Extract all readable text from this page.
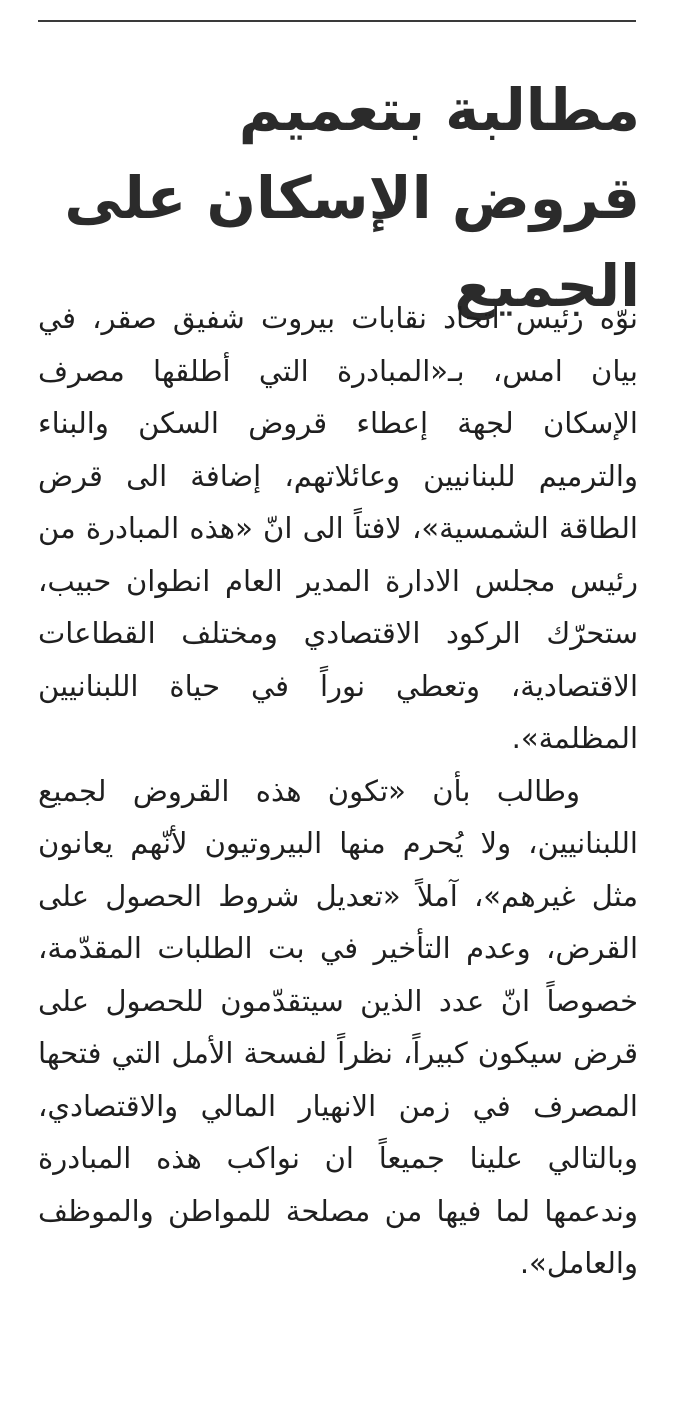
مطالبة بتعميم قروض الإسكان على الجميع

نوّه رئيس اتحاد نقابات بيروت شفيق صقر، في بيان امس، بـ«المبادرة التي أطلقها مصرف الإسكان لجهة إعطاء قروض السكن والبناء والترميم للبنانيين وعائلاتهم، إضافة الى قرض الطاقة الشمسية»، لافتاً الى انّ «هذه المبادرة من رئيس مجلس الادارة المدير العام انطوان حبيب، ستحرّك الركود الاقتصادي ومختلف القطاعات الاقتصادية، وتعطي نوراً في حياة اللبنانيين المظلمة».

وطالب بأن «تكون هذه القروض لجميع اللبنانيين، ولا يُحرم منها البيروتيون لأنّهم يعانون مثل غيرهم»، آملاً «تعديل شروط الحصول على القرض، وعدم التأخير في بت الطلبات المقدّمة، خصوصاً انّ عدد الذين سيتقدّمون للحصول على قرض سيكون كبيراً، نظراً لفسحة الأمل التي فتحها المصرف في زمن الانهيار المالي والاقتصادي، وبالتالي علينا جميعاً ان نواكب هذه المبادرة وندعمها لما فيها من مصلحة للمواطن والموظف والعامل».
